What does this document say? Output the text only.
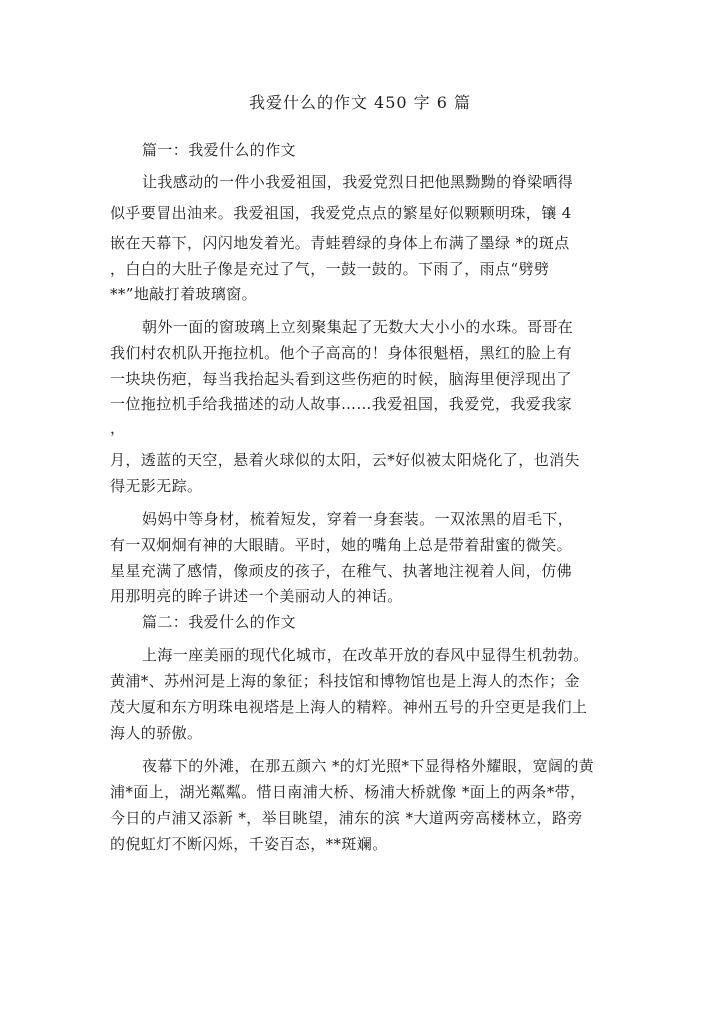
我爱什么的作文 450 字 6 篇
篇一：我爱什么的作文
让我感动的一件小我爱祖国，我爱党烈日把他黑黝黝的脊梁晒得
似乎要冒出油来。我爱祖国，我爱党点点的繁星好似颗颗明珠，镶 4
嵌在天幕下，闪闪地发着光。青蛙碧绿的身体上布满了墨绿 *的斑点
，白白的大肚子像是充过了气，一鼓一鼓的。下雨了，雨点“劈劈
**”地敲打着玻璃窗。
朝外一面的窗玻璃上立刻聚集起了无数大大小小的水珠。哥哥在
我们村农机队开拖拉机。他个子高高的！身体很魁梧，黑红的脸上有
一块块伤疤，每当我抬起头看到这些伤疤的时候，脑海里便浮现出了
一位拖拉机手给我描述的动人故事……我爱祖国，我爱党，我爱我家
，
月，透蓝的天空，悬着火球似的太阳，云*好似被太阳烧化了，也消失
得无影无踪。
妈妈中等身材，梳着短发，穿着一身套装。一双浓黑的眉毛下，
有一双炯炯有神的大眼睛。平时，她的嘴角上总是带着甜蜜的微笑。
星星充满了感情，像顽皮的孩子，在稚气、执著地注视着人间，仿佛
用那明亮的眸子讲述一个美丽动人的神话。
篇二：我爱什么的作文
上海一座美丽的现代化城市，在改革开放的春风中显得生机勃勃。
黄浦*、苏州河是上海的象征；科技馆和博物馆也是上海人的杰作；金
茂大厦和东方明珠电视塔是上海人的精粹。神州五号的升空更是我们上
海人的骄傲。
夜幕下的外滩，在那五颜六 *的灯光照*下显得格外耀眼，宽阔的黄
浦*面上，湖光粼粼。惜日南浦大桥、杨浦大桥就像 *面上的两条*带，
今日的卢浦又添新 *，举目眺望，浦东的滨 *大道两旁高楼林立，路旁
的倪虹灯不断闪烁，千姿百态，**斑斓。
